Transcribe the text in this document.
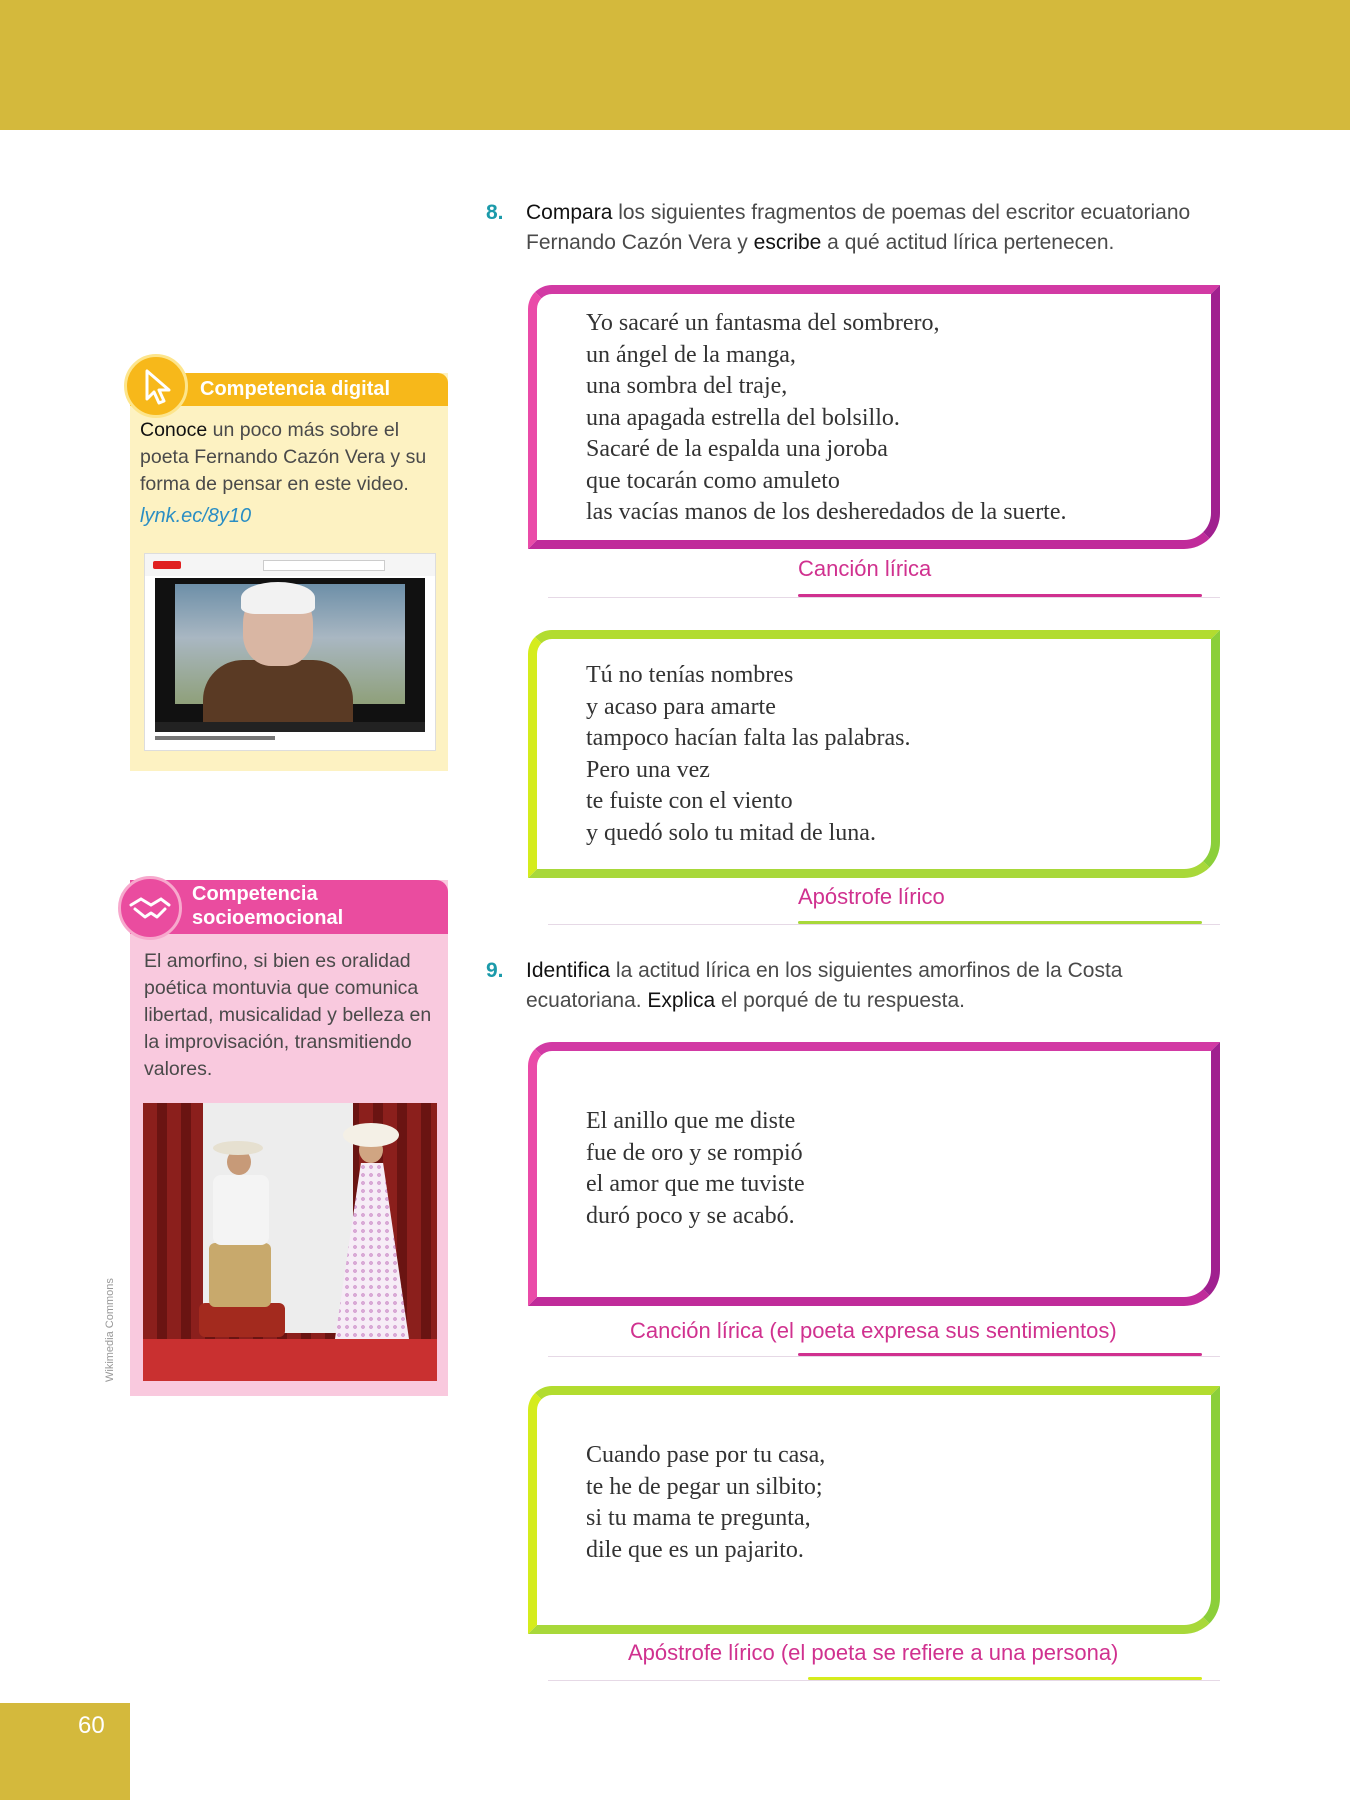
8. Compara los siguientes fragmentos de poemas del escritor ecuatoriano Fernando Cazón Vera y escribe a qué actitud lírica pertenecen.
Yo sacaré un fantasma del sombrero,
un ángel de la manga,
una sombra del traje,
una apagada estrella del bolsillo.
Sacaré de la espalda una joroba
que tocarán como amuleto
las vacías manos de los desheredados de la suerte.
Canción lírica
Tú no tenías nombres
y acaso para amarte
tampoco hacían falta las palabras.
Pero una vez
te fuiste con el viento
y quedó solo tu mitad de luna.
Apóstrofe lírico
9. Identifica la actitud lírica en los siguientes amorfinos de la Costa ecuatoriana. Explica el porqué de tu respuesta.
El anillo que me diste
fue de oro y se rompió
el amor que me tuviste
duró poco y se acabó.
Canción lírica (el poeta expresa sus sentimientos)
Cuando pase por tu casa,
te he de pegar un silbito;
si tu mama te pregunta,
dile que es un pajarito.
Apóstrofe lírico (el poeta se refiere a una persona)
Competencia digital
Conoce un poco más sobre el poeta Fernando Cazón Vera y su forma de pensar en este video.
lynk.ec/8y10
Competencia socioemocional
El amorfino, si bien es oralidad poética montuvia que comunica libertad, musicalidad y belleza en la improvisación, transmitiendo valores.
Wikimedia Commons
60
